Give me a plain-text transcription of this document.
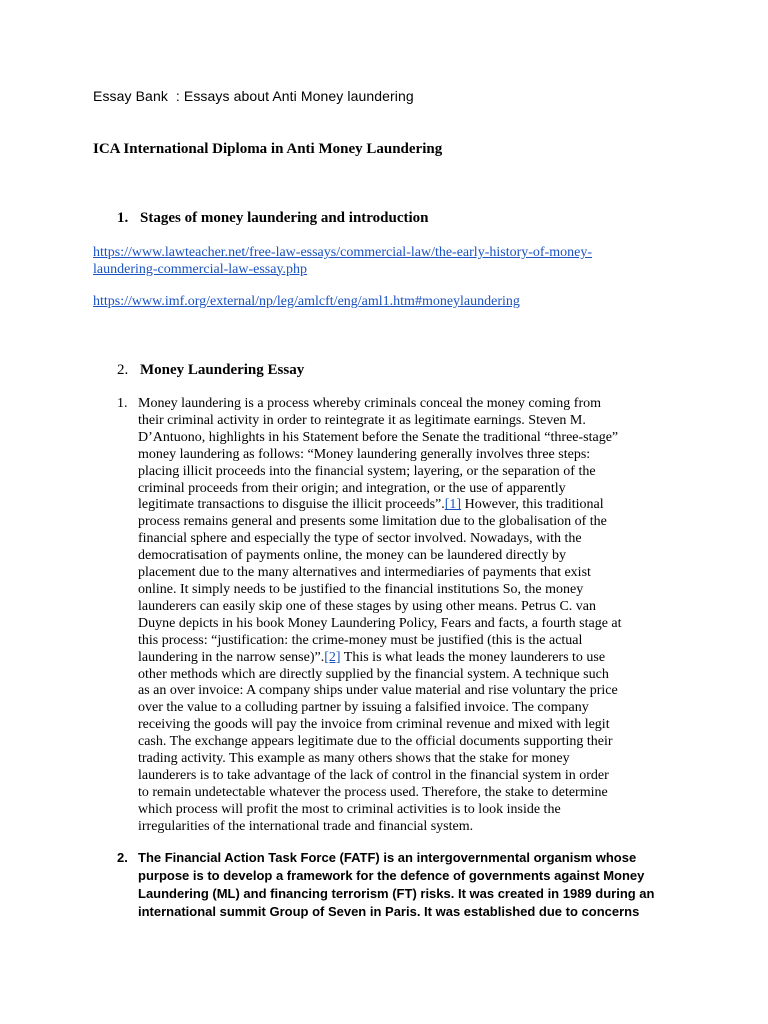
Essay Bank  : Essays about Anti Money laundering
ICA International Diploma in Anti Money Laundering
1. Stages of money laundering and introduction
https://www.lawteacher.net/free-law-essays/commercial-law/the-early-history-of-money-
laundering-commercial-law-essay.php
https://www.imf.org/external/np/leg/amlcft/eng/aml1.htm#moneylaundering
2. Money Laundering Essay
1. Money laundering is a process whereby criminals conceal the money coming from
their criminal activity in order to reintegrate it as legitimate earnings. Steven M.
D’Antuono, highlights in his Statement before the Senate the traditional “three-stage”
money laundering as follows: “Money laundering generally involves three steps:
placing illicit proceeds into the financial system; layering, or the separation of the
criminal proceeds from their origin; and integration, or the use of apparently
legitimate transactions to disguise the illicit proceeds”.[1] However, this traditional
process remains general and presents some limitation due to the globalisation of the
financial sphere and especially the type of sector involved. Nowadays, with the
democratisation of payments online, the money can be laundered directly by
placement due to the many alternatives and intermediaries of payments that exist
online. It simply needs to be justified to the financial institutions So, the money
launderers can easily skip one of these stages by using other means. Petrus C. van
Duyne depicts in his book Money Laundering Policy, Fears and facts, a fourth stage at
this process: “justification: the crime-money must be justified (this is the actual
laundering in the narrow sense)”.[2] This is what leads the money launderers to use
other methods which are directly supplied by the financial system. A technique such
as an over invoice: A company ships under value material and rise voluntary the price
over the value to a colluding partner by issuing a falsified invoice. The company
receiving the goods will pay the invoice from criminal revenue and mixed with legit
cash. The exchange appears legitimate due to the official documents supporting their
trading activity. This example as many others shows that the stake for money
launderers is to take advantage of the lack of control in the financial system in order
to remain undetectable whatever the process used. Therefore, the stake to determine
which process will profit the most to criminal activities is to look inside the
irregularities of the international trade and financial system.
2. The Financial Action Task Force (FATF) is an intergovernmental organism whose
purpose is to develop a framework for the defence of governments against Money
Laundering (ML) and financing terrorism (FT) risks. It was created in 1989 during an
international summit Group of Seven in Paris. It was established due to concerns
